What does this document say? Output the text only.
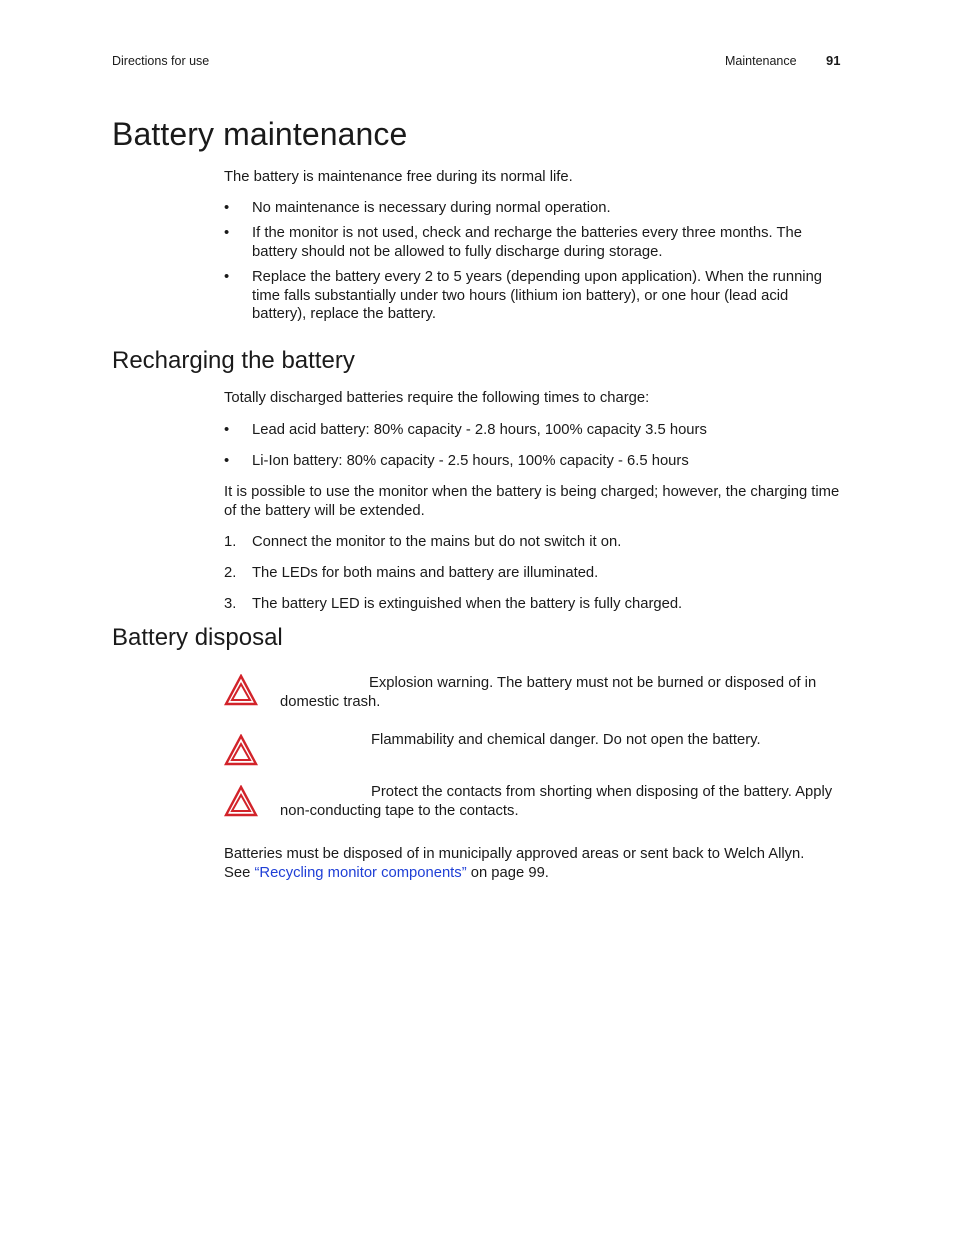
Directions for use	Maintenance 91
Battery maintenance

The battery is maintenance free during its normal life.

•	No maintenance is necessary during normal operation.
•	If the monitor is not used, check and recharge the batteries every three months. The battery should not be allowed to fully discharge during storage.
•	Replace the battery every 2 to 5 years (depending upon application). When the running time falls substantially under two hours (lithium ion battery), or one hour (lead acid battery), replace the battery.
Recharging the battery

Totally discharged batteries require the following times to charge:

•	Lead acid battery: 80% capacity - 2.8 hours, 100% capacity 3.5 hours
•	Li-Ion battery: 80% capacity - 2.5 hours, 100% capacity - 6.5 hours

It is possible to use the monitor when the battery is being charged; however, the charging time of the battery will be extended.

1.	Connect the monitor to the mains but do not switch it on.
2.	The LEDs for both mains and battery are illuminated.
3.	The battery LED is extinguished when the battery is fully charged.
Battery disposal
Explosion warning. The battery must not be burned or disposed of in domestic trash.
Flammability and chemical danger. Do not open the battery.
Protect the contacts from shorting when disposing of the battery. Apply non-conducting tape to the contacts.
Batteries must be disposed of in municipally approved areas or sent back to Welch Allyn.
See “Recycling monitor components” on page 99.
